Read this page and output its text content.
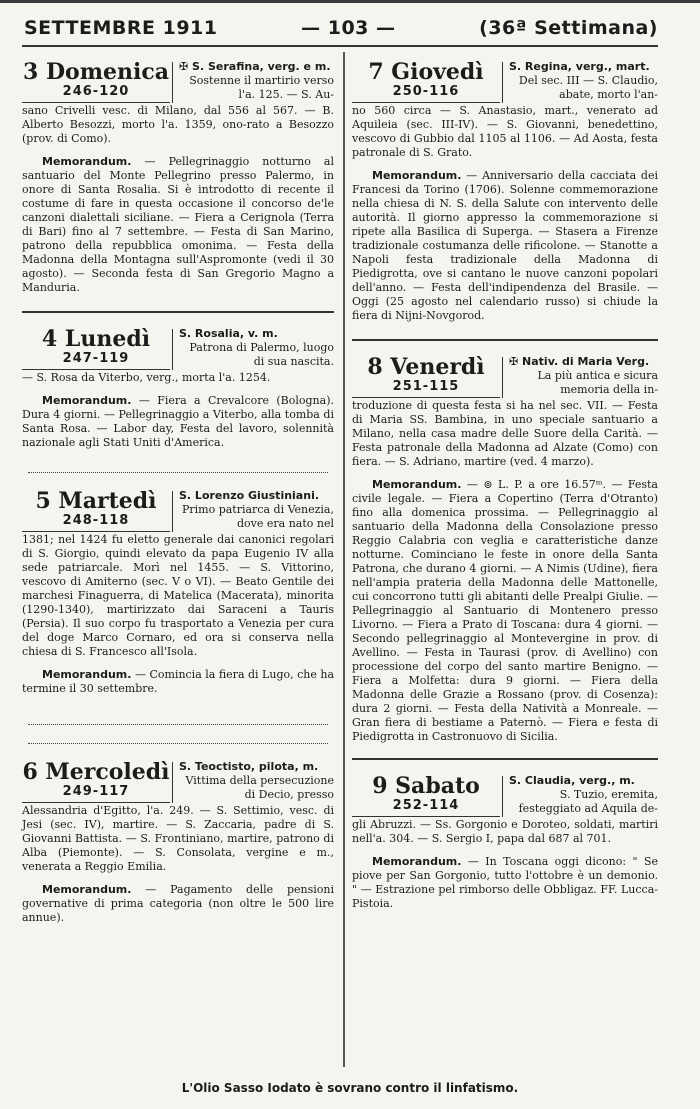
SETTEMBRE 1911	— 103 —	(36ª Settimana)
3 Domenica
246-120
✠ S. Serafina, verg. e m.
Sostenne il martirio verso l'a. 125. — S. Au-
sano Crivelli vesc. di Milano, dal 556 al 567. — B. Alberto Besozzi, morto l'a. 1359, ono-rato a Besozzo (prov. di Como).
Memorandum. — Pellegrinaggio notturno al santuario del Monte Pellegrino presso Palermo, in onore di Santa Rosalia. Si è introdotto di recente il costume di fare in questa occasione il concorso de'le canzoni dialettali siciliane. — Fiera a Cerignola (Terra di Bari) fino al 7 settembre. — Festa di San Marino, patrono della repubblica omonima. — Festa della Madonna della Montagna sull'Aspromonte (vedi il 30 agosto). — Seconda festa di San Gregorio Magno a Manduria.
4 Lunedì
247-119
S. Rosalia, v. m.
Patrona di Palermo, luogo di sua nascita.
— S. Rosa da Viterbo, verg., morta l'a. 1254.
Memorandum. — Fiera a Crevalcore (Bologna). Dura 4 giorni. — Pellegrinaggio a Viterbo, alla tomba di Santa Rosa. — Labor day, Festa del lavoro, solennità nazionale agli Stati Uniti d'America.
5 Martedì
248-118
S. Lorenzo Giustiniani.
Primo patriarca di Venezia, dove era nato nel
1381; nel 1424 fu eletto generale dai canonici regolari di S. Giorgio, quindi elevato da papa Eugenio IV alla sede patriarcale. Morì nel 1455. — S. Vittorino, vescovo di Amiterno (sec. V o VI). — Beato Gentile dei marchesi Finaguerra, di Matelica (Macerata), minorita (1290-1340), martirizzato dai Saraceni a Tauris (Persia). Il suo corpo fu trasportato a Venezia per cura del doge Marco Cornaro, ed ora si conserva nella chiesa di S. Francesco all'Isola.
Memorandum. — Comincia la fiera di Lugo, che ha termine il 30 settembre.
6 Mercoledì
249-117
S. Teoctisto, pilota, m.
Vittima della persecuzione di Decio, presso
Alessandria d'Egitto, l'a. 249. — S. Settimio, vesc. di Jesi (sec. IV), martire. — S. Zaccaria, padre di S. Giovanni Battista. — S. Frontiniano, martire, patrono di Alba (Piemonte). — S. Consolata, vergine e m., venerata a Reggio Emilia.
Memorandum. — Pagamento delle pensioni governative di prima categoria (non oltre le 500 lire annue).
7 Giovedì
250-116
S. Regina, verg., mart.
Del sec. III — S. Claudio, abate, morto l'an-
no 560 circa — S. Anastasio, mart., venerato ad Aquileia (sec. III-IV). — S. Giovanni, benedettino, vescovo di Gubbio dal 1105 al 1106. — Ad Aosta, festa patronale di S. Grato.
Memorandum. — Anniversario della cacciata dei Francesi da Torino (1706). Solenne commemorazione nella chiesa di N. S. della Salute con intervento delle autorità. Il giorno appresso la commemorazione si ripete alla Basilica di Superga. — Stasera a Firenze tradizionale costumanza delle rificolone. — Stanotte a Napoli festa tradizionale della Madonna di Piedigrotta, ove si cantano le nuove canzoni popolari dell'anno. — Festa dell'indipendenza del Brasile. — Oggi (25 agosto nel calendario russo) si chiude la fiera di Nijni-Novgorod.
8 Venerdì
251-115
✠ Nativ. di Maria Verg.
La più antica e sicura memoria della in-
troduzione di questa festa si ha nel sec. VII. — Festa di Maria SS. Bambina, in uno speciale santuario a Milano, nella casa madre delle Suore della Carità. — Festa patronale della Madonna ad Alzate (Como) con fiera. — S. Adriano, martire (ved. 4 marzo).
Memorandum. — ⊚ L. P. a ore 16.57ᵐ. — Festa civile legale. — Fiera a Copertino (Terra d'Otranto) fino alla domenica prossima. — Pellegrinaggio al santuario della Madonna della Consolazione presso Reggio Calabria con veglia e caratteristiche danze notturne. Cominciano le feste in onore della Santa Patrona, che durano 4 giorni. — A Nimis (Udine), fiera nell'ampia prateria della Madonna delle Mattonelle, cui concorrono tutti gli abitanti delle Prealpi Giulie. — Pellegrinaggio al Santuario di Montenero presso Livorno. — Fiera a Prato di Toscana: dura 4 giorni. — Secondo pellegrinaggio al Montevergine in prov. di Avellino. — Festa in Taurasi (prov. di Avellino) con processione del corpo del santo martire Benigno. — Fiera a Molfetta: dura 9 giorni. — Fiera della Madonna delle Grazie a Rossano (prov. di Cosenza): dura 2 giorni. — Festa della Natività a Monreale. — Gran fiera di bestiame a Paternò. — Fiera e festa di Piedigrotta in Castronuovo di Sicilia.
9 Sabato
252-114
S. Claudia, verg., m.
S. Tuzio, eremita, festeggiato ad Aquila de-
gli Abruzzi. — Ss. Gorgonio e Doroteo, soldati, martiri nell'a. 304. — S. Sergio I, papa dal 687 al 701.
Memorandum. — In Toscana oggi dicono: " Se piove per San Gorgonio, tutto l'ottobre è un demonio. " — Estrazione pel rimborso delle Obbligaz. FF. Lucca-Pistoia.
L'Olio Sasso Iodato è sovrano contro il linfatismo.
